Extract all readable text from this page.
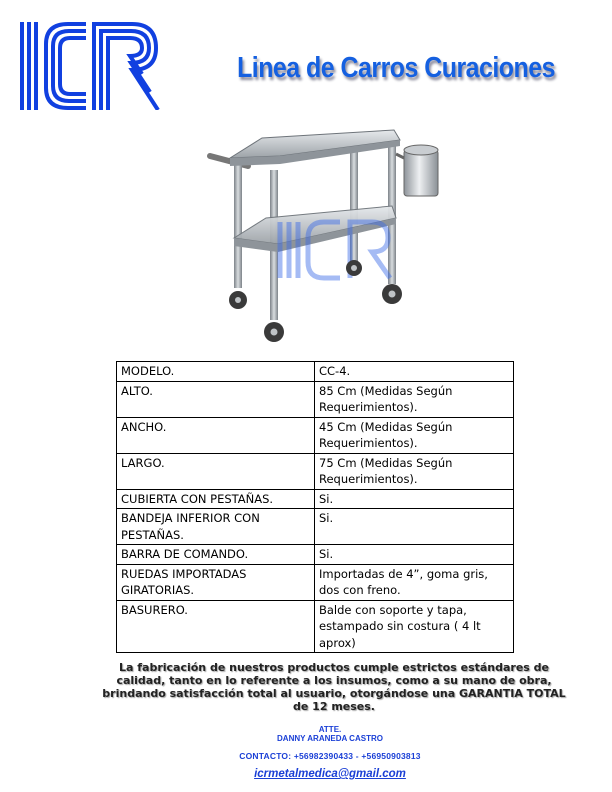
Linea de Carros Curaciones
MODELO.	CC-4.
ALTO.	85 Cm (Medidas Según Requerimientos).
ANCHO.	45 Cm (Medidas Según Requerimientos).
LARGO.	75 Cm (Medidas Según Requerimientos).
CUBIERTA CON PESTAÑAS.	Si.
BANDEJA INFERIOR CON PESTAÑAS.	Si.
BARRA DE COMANDO.	Si.
RUEDAS IMPORTADAS GIRATORIAS.	Importadas de 4”, goma gris, dos con freno.
BASURERO.	Balde con soporte y tapa, estampado sin costura ( 4 lt aprox)
La fabricación de nuestros productos cumple estrictos estándares de calidad, tanto en lo referente a los insumos, como a su mano de obra, brindando satisfacción total al usuario, otorgándose una GARANTIA TOTAL de 12 meses.
ATTE.
DANNY ARANEDA CASTRO
CONTACTO: +56982390433 - +56950903813
icrmetalmedica@gmail.com
